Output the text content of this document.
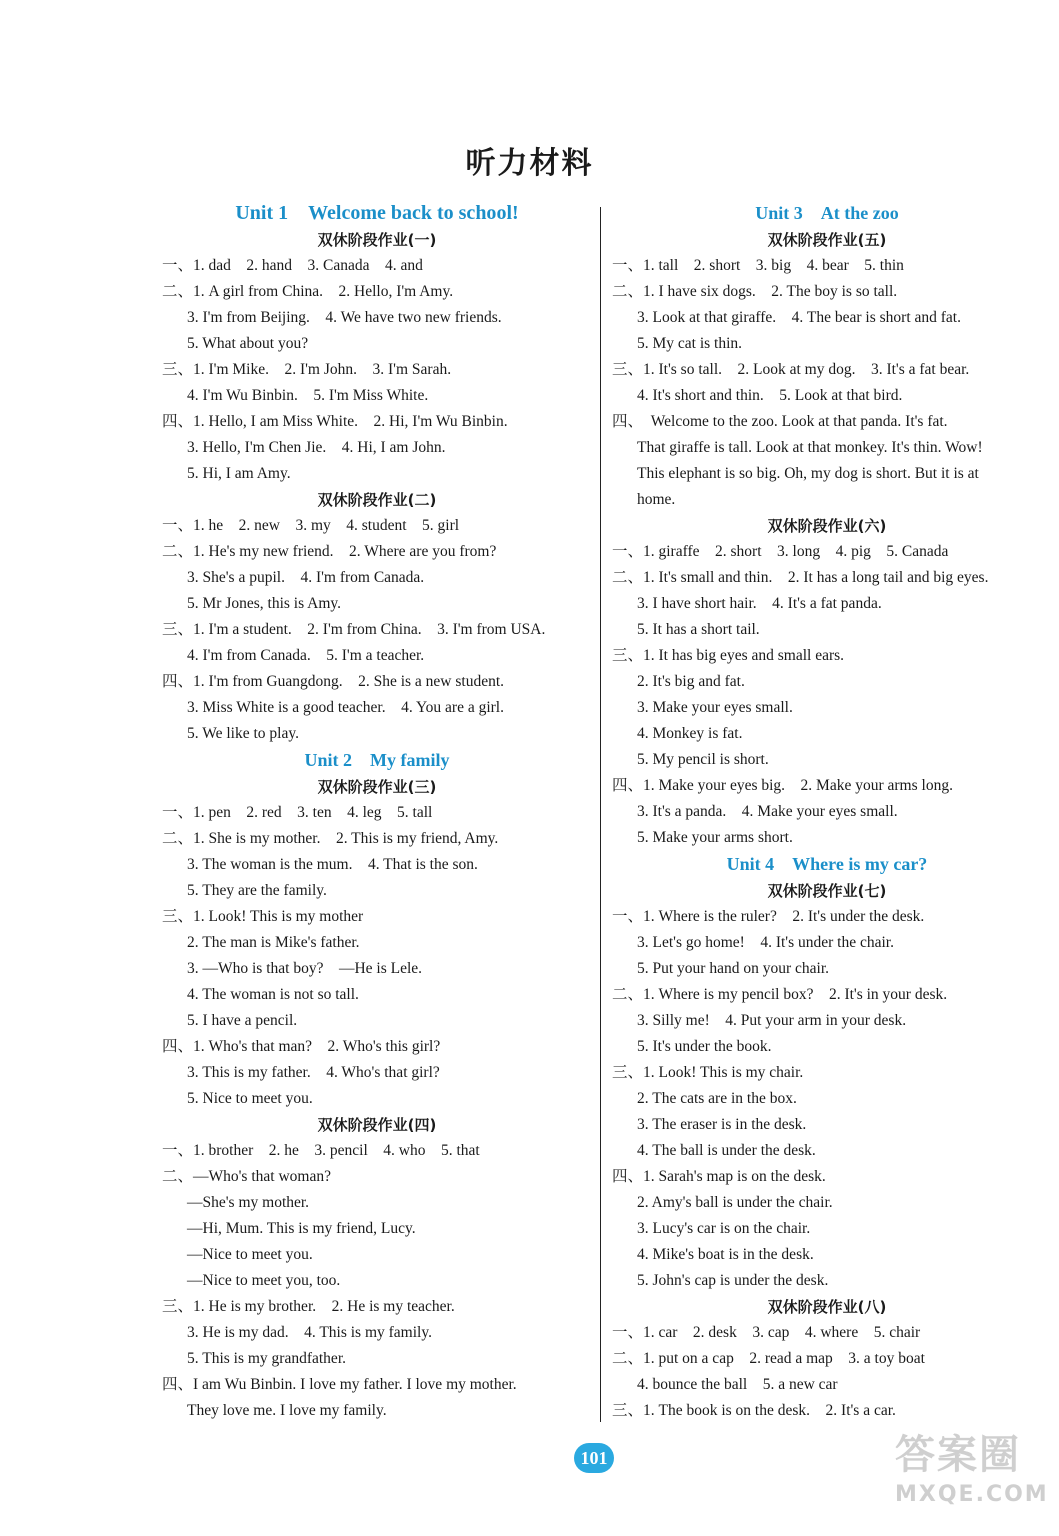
听力材料
Unit 1　Welcome back to school!
双休阶段作业(一)
一、1. dad　2. hand　3. Canada　4. and
二、1. A girl from China.　2. Hello, I'm Amy.
3. I'm from Beijing.　4. We have two new friends.
5. What about you?
三、1. I'm Mike.　2. I'm John.　3. I'm Sarah.
4. I'm Wu Binbin.　5. I'm Miss White.
四、1. Hello, I am Miss White.　2. Hi, I'm Wu Binbin.
3. Hello, I'm Chen Jie.　4. Hi, I am John.
5. Hi, I am Amy.
双休阶段作业(二)
一、1. he　2. new　3. my　4. student　5. girl
二、1. He's my new friend.　2. Where are you from?
3. She's a pupil.　4. I'm from Canada.
5. Mr Jones, this is Amy.
三、1. I'm a student.　2. I'm from China.　3. I'm from USA.
4. I'm from Canada.　5. I'm a teacher.
四、1. I'm from Guangdong.　2. She is a new student.
3. Miss White is a good teacher.　4. You are a girl.
5. We like to play.
Unit 2　My family
双休阶段作业(三)
一、1. pen　2. red　3. ten　4. leg　5. tall
二、1. She is my mother.　2. This is my friend, Amy.
3. The woman is the mum.　4. That is the son.
5. They are the family.
三、1. Look! This is my mother
2. The man is Mike's father.
3. —Who is that boy?　—He is Lele.
4. The woman is not so tall.
5. I have a pencil.
四、1. Who's that man?　2. Who's this girl?
3. This is my father.　4. Who's that girl?
5. Nice to meet you.
双休阶段作业(四)
一、1. brother　2. he　3. pencil　4. who　5. that
二、—Who's that woman?
—She's my mother.
—Hi, Mum. This is my friend, Lucy.
—Nice to meet you.
—Nice to meet you, too.
三、1. He is my brother.　2. He is my teacher.
3. He is my dad.　4. This is my family.
5. This is my grandfather.
四、I am Wu Binbin. I love my father. I love my mother.
They love me. I love my family.
Unit 3　At the zoo
双休阶段作业(五)
一、1. tall　2. short　3. big　4. bear　5. thin
二、1. I have six dogs.　2. The boy is so tall.
3. Look at that giraffe.　4. The bear is short and fat.
5. My cat is thin.
三、1. It's so tall.　2. Look at my dog.　3. It's a fat bear.
4. It's short and thin.　5. Look at that bird.
四、　Welcome to the zoo. Look at that panda. It's fat.
That giraffe is tall. Look at that monkey. It's thin. Wow!
This elephant is so big. Oh, my dog is short. But it is at
home.
双休阶段作业(六)
一、1. giraffe　2. short　3. long　4. pig　5. Canada
二、1. It's small and thin.　2. It has a long tail and big eyes.
3. I have short hair.　4. It's a fat panda.
5. It has a short tail.
三、1. It has big eyes and small ears.
2. It's big and fat.
3. Make your eyes small.
4. Monkey is fat.
5. My pencil is short.
四、1. Make your eyes big.　2. Make your arms long.
3. It's a panda.　4. Make your eyes small.
5. Make your arms short.
Unit 4　Where is my car?
双休阶段作业(七)
一、1. Where is the ruler?　2. It's under the desk.
3. Let's go home!　4. It's under the chair.
5. Put your hand on your chair.
二、1. Where is my pencil box?　2. It's in your desk.
3. Silly me!　4. Put your arm in your desk.
5. It's under the book.
三、1. Look! This is my chair.
2. The cats are in the box.
3. The eraser is in the desk.
4. The ball is under the desk.
四、1. Sarah's map is on the desk.
2. Amy's ball is under the chair.
3. Lucy's car is on the chair.
4. Mike's boat is in the desk.
5. John's cap is under the desk.
双休阶段作业(八)
一、1. car　2. desk　3. cap　4. where　5. chair
二、1. put on a cap　2. read a map　3. a toy boat
4. bounce the ball　5. a new car
三、1. The book is on the desk.　2. It's a car.
101	答案圈
MXQE.COM
